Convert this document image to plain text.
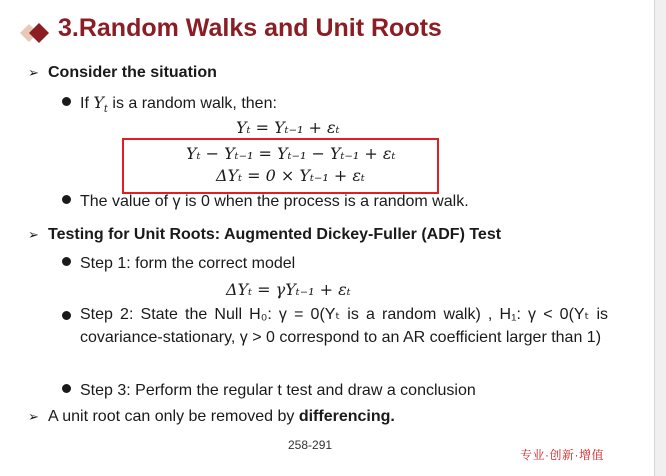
3.Random Walks and Unit Roots
➢ Consider the situation
If $Y_t$ is a random walk, then:
Yₜ = Yₜ₋₁ + εₜ
Yₜ − Yₜ₋₁ = Yₜ₋₁ − Yₜ₋₁ + εₜ
ΔYₜ = 0 × Yₜ₋₁ + εₜ
The value of γ is 0 when the process is a random walk.
➢ Testing for Unit Roots: Augmented Dickey-Fuller (ADF) Test
Step 1: form the correct model
ΔYₜ = γYₜ₋₁ + εₜ
Step 2: State the Null H₀: γ = 0(Yₜ is a random walk) , H₁: γ < 0(Yₜ is covariance-stationary, γ > 0 correspond to an AR coefficient larger than 1)
Step 3: Perform the regular t test and draw a conclusion
➢ A unit root can only be removed by differencing.
258-291
专业·创新·增值
